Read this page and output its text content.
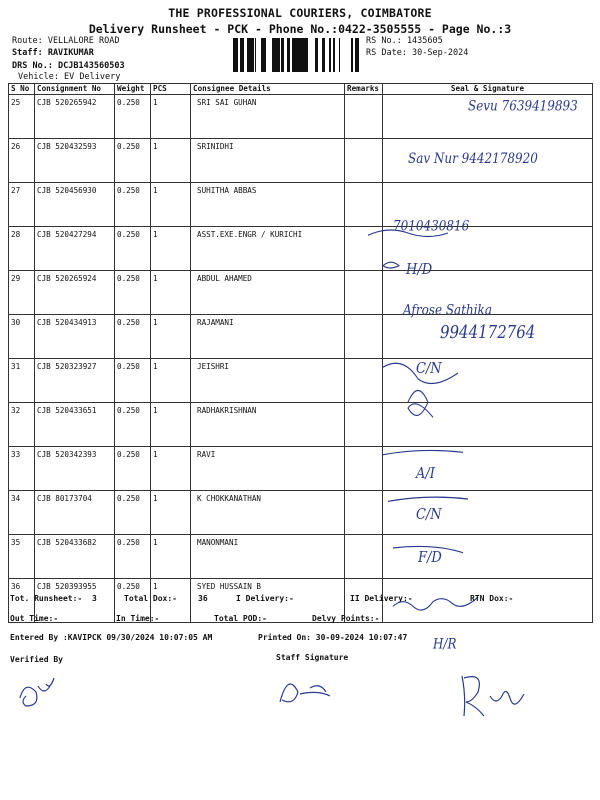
THE PROFESSIONAL COURIERS, COIMBATORE
Delivery Runsheet - PCK - Phone No.:0422-3505555 - Page No.:3
Route: VELLALORE ROAD
Staff: RAVIKUMAR
DRS No.: DCJB143560503
Vehicle: EV Delivery
RS No.: 1435605
RS Date: 30-Sep-2024
S No	Consignment No	Weight	PCS	Consignee Details	Remarks	Seal & Signature
25	CJB 520265942	0.250	1	SRI SAI GUHAN		
26	CJB 520432593	0.250	1	SRINIDHI		
27	CJB 520456930	0.250	1	SUHITHA ABBAS		
28	CJB 520427294	0.250	1	ASST.EXE.ENGR / KURICHI		
29	CJB 520265924	0.250	1	ABDUL AHAMED		
30	CJB 520434913	0.250	1	RAJAMANI		
31	CJB 520323927	0.250	1	JEISHRI		
32	CJB 520433651	0.250	1	RADHAKRISHNAN		
33	CJB 520342393	0.250	1	RAVI		
34	CJB 80173704	0.250	1	K CHOKKANATHAN		
35	CJB 520433682	0.250	1	MANONMANI		
36	CJB 520393955	0.250	1	SYED HUSSAIN B		
Sevu 7639419893
Sav Nur 9442178920
7010430816
H/D
Afrose Sathika
9944172764
C/N
A/I
C/N
F/D
H/R
Tot. Runsheet:- 3	Total Dox:-	36	I Delivery:-	II Delivery:-	RTN Dox:-
Out Time:-	In Time:-	Total POD:-	Delvy Points:-
Entered By :KAVIPCK 09/30/2024 10:07:05 AM	Printed On: 30-09-2024 10:07:47
Verified By	Staff Signature
